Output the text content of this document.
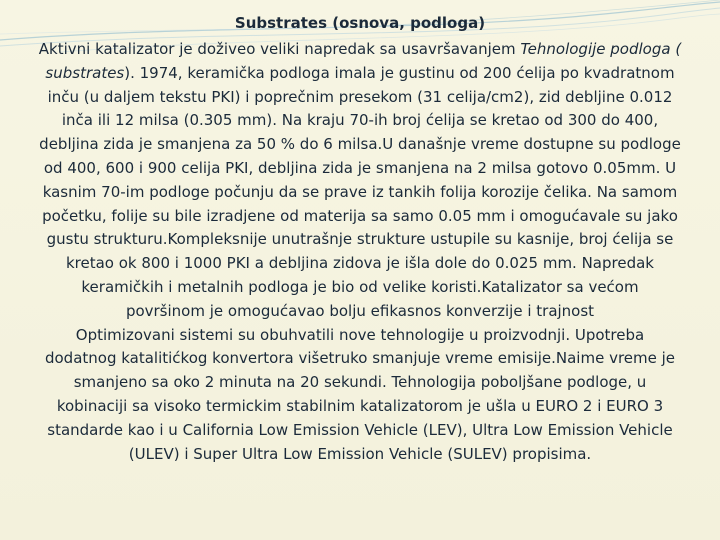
Substrates (osnova, podloga)

Aktivni katalizator je doživeo veliki napredak sa usavršavanjem Tehnologije podloga (
substrates). 1974, keramička podloga imala je gustinu od 200 ćelija po kvadratnom
inču (u daljem tekstu PKI) i poprečnim presekom (31 celija/cm2), zid debljine 0.012
inča ili 12 milsa (0.305 mm). Na kraju 70-ih broj ćelija se kretao od 300 do 400,
debljina zida je smanjena za 50 % do 6 milsa.U današnje vreme dostupne su podloge
od 400, 600 i 900 celija PKI, debljina zida je smanjena na 2 milsa gotovo 0.05mm. U
kasnim 70-im podloge počunju da se prave iz tankih folija korozije čelika. Na samom
početku, folije su bile izradjene od materija sa samo 0.05 mm i omogućavale su jako
gustu strukturu.Kompleksnije unutrašnje strukture ustupile su kasnije, broj ćelija se
kretao ok 800 i 1000 PKI a debljina zidova je išla dole do 0.025 mm. Napredak
keramičkih i metalnih podloga je bio od velike koristi.Katalizator sa većom
površinom je omogućavao bolju efikasnos konverzije i trajnost
Optimizovani sistemi su obuhvatili nove tehnologije u proizvodnji. Upotreba
dodatnog katalitićkog konvertora višetruko smanjuje vreme emisije.Naime vreme je
smanjeno sa oko 2 minuta na 20 sekundi. Tehnologija poboljšane podloge, u
kobinaciji sa visoko termickim stabilnim katalizatorom je ušla u EURO 2 i EURO 3
standarde kao i u California Low Emission Vehicle (LEV), Ultra Low Emission Vehicle
(ULEV) i Super Ultra Low Emission Vehicle (SULEV) propisima.
